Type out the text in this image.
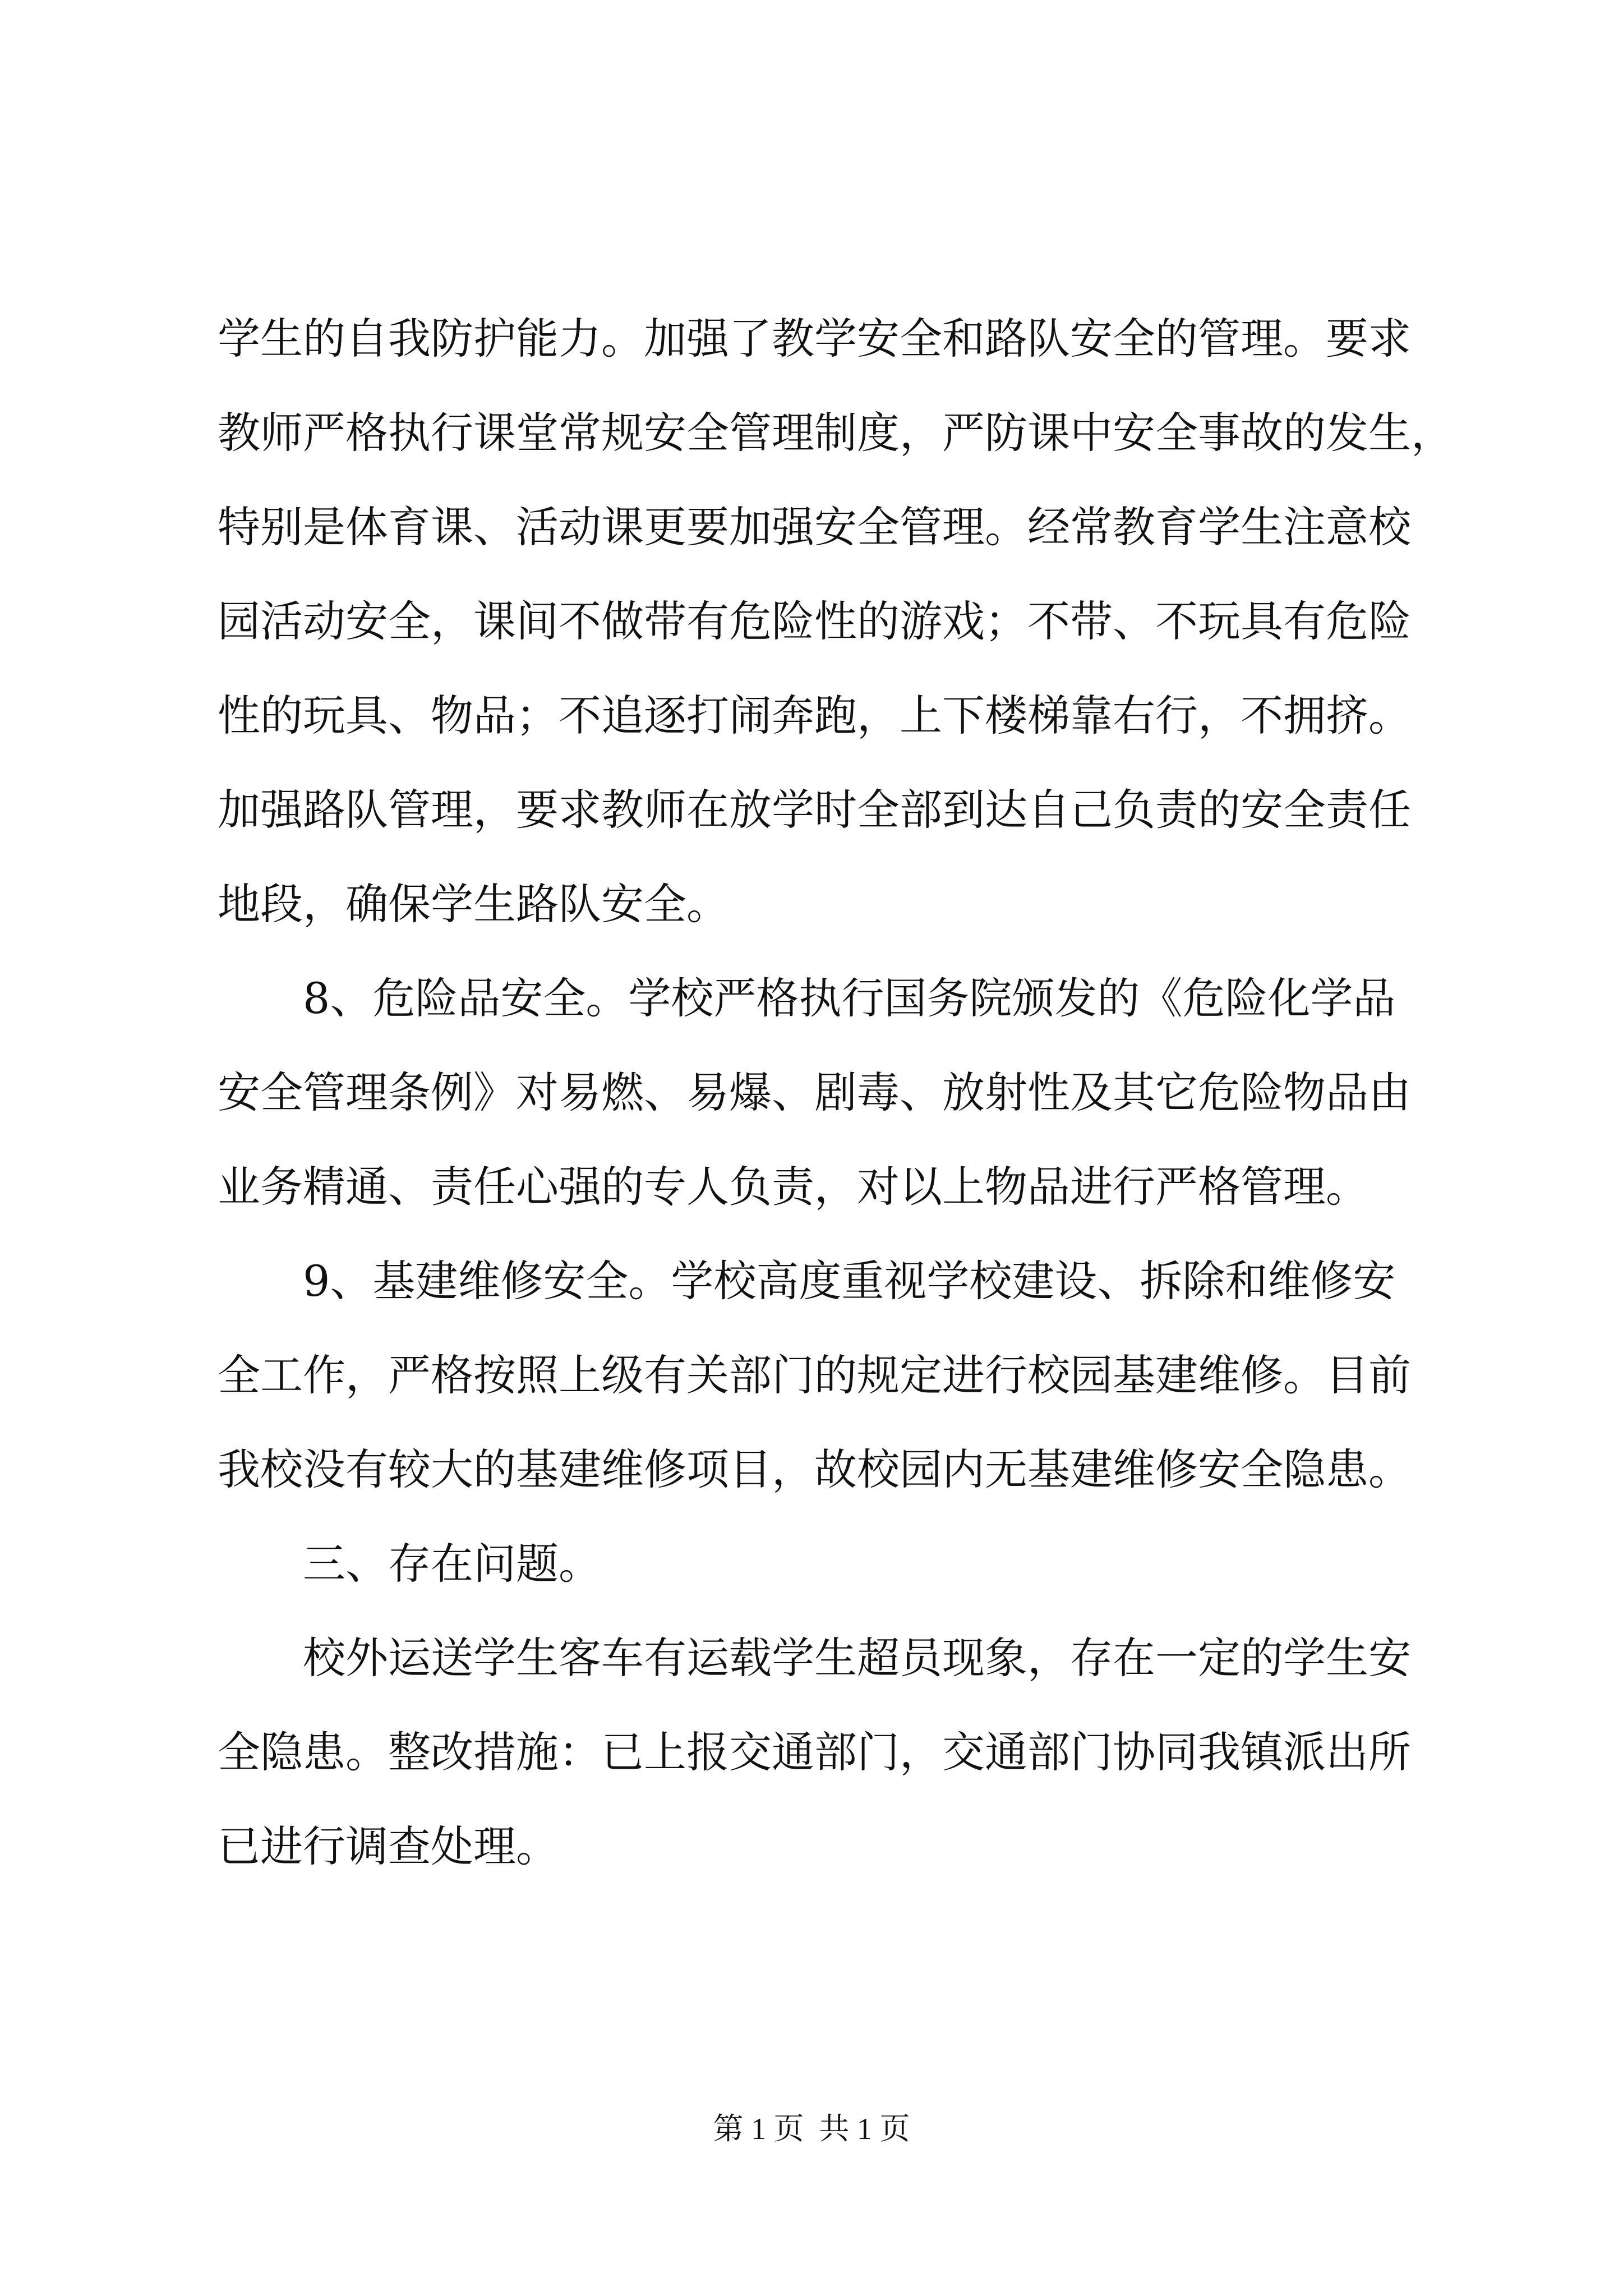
学生的自我防护能力。加强了教学安全和路队安全的管理。要求
教师严格执行课堂常规安全管理制度，严防课中安全事故的发生，
特别是体育课、活动课更要加强安全管理。经常教育学生注意校
园活动安全，课间不做带有危险性的游戏；不带、不玩具有危险
性的玩具、物品；不追逐打闹奔跑，上下楼梯靠右行，不拥挤。
加强路队管理，要求教师在放学时全部到达自己负责的安全责任
地段，确保学生路队安全。
8、危险品安全。学校严格执行国务院颁发的《危险化学品
安全管理条例》对易燃、易爆、剧毒、放射性及其它危险物品由
业务精通、责任心强的专人负责，对以上物品进行严格管理。
9、基建维修安全。学校高度重视学校建设、拆除和维修安
全工作，严格按照上级有关部门的规定进行校园基建维修。目前
我校没有较大的基建维修项目，故校园内无基建维修安全隐患。
三、存在问题。
校外运送学生客车有运载学生超员现象，存在一定的学生安
全隐患。整改措施：已上报交通部门，交通部门协同我镇派出所
已进行调查处理。
第 1 页  共 1 页
